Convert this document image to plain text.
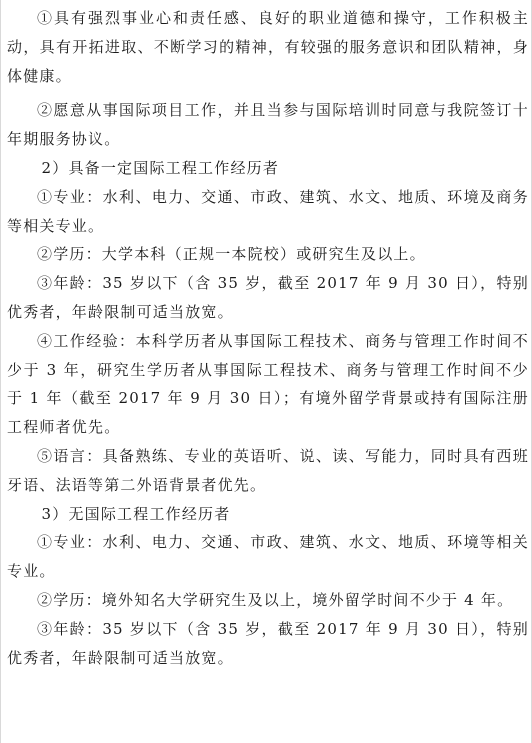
①具有强烈事业心和责任感、良好的职业道德和操守，工作积极主动，具有开拓进取、不断学习的精神，有较强的服务意识和团队精神，身体健康。

②愿意从事国际项目工作，并且当参与国际培训时同意与我院签订十年期服务协议。

2）具备一定国际工程工作经历者

①专业：水利、电力、交通、市政、建筑、水文、地质、环境及商务等相关专业。

②学历：大学本科（正规一本院校）或研究生及以上。

③年龄：35 岁以下（含 35 岁，截至 2017 年 9 月 30 日），特别优秀者，年龄限制可适当放宽。

④工作经验：本科学历者从事国际工程技术、商务与管理工作时间不少于 3 年，研究生学历者从事国际工程技术、商务与管理工作时间不少于 1 年（截至 2017 年 9 月 30 日）；有境外留学背景或持有国际注册工程师者优先。

⑤语言：具备熟练、专业的英语听、说、读、写能力，同时具有西班牙语、法语等第二外语背景者优先。

3）无国际工程工作经历者

①专业：水利、电力、交通、市政、建筑、水文、地质、环境等相关专业。

②学历：境外知名大学研究生及以上，境外留学时间不少于 4 年。

③年龄：35 岁以下（含 35 岁，截至 2017 年 9 月 30 日），特别优秀者，年龄限制可适当放宽。
